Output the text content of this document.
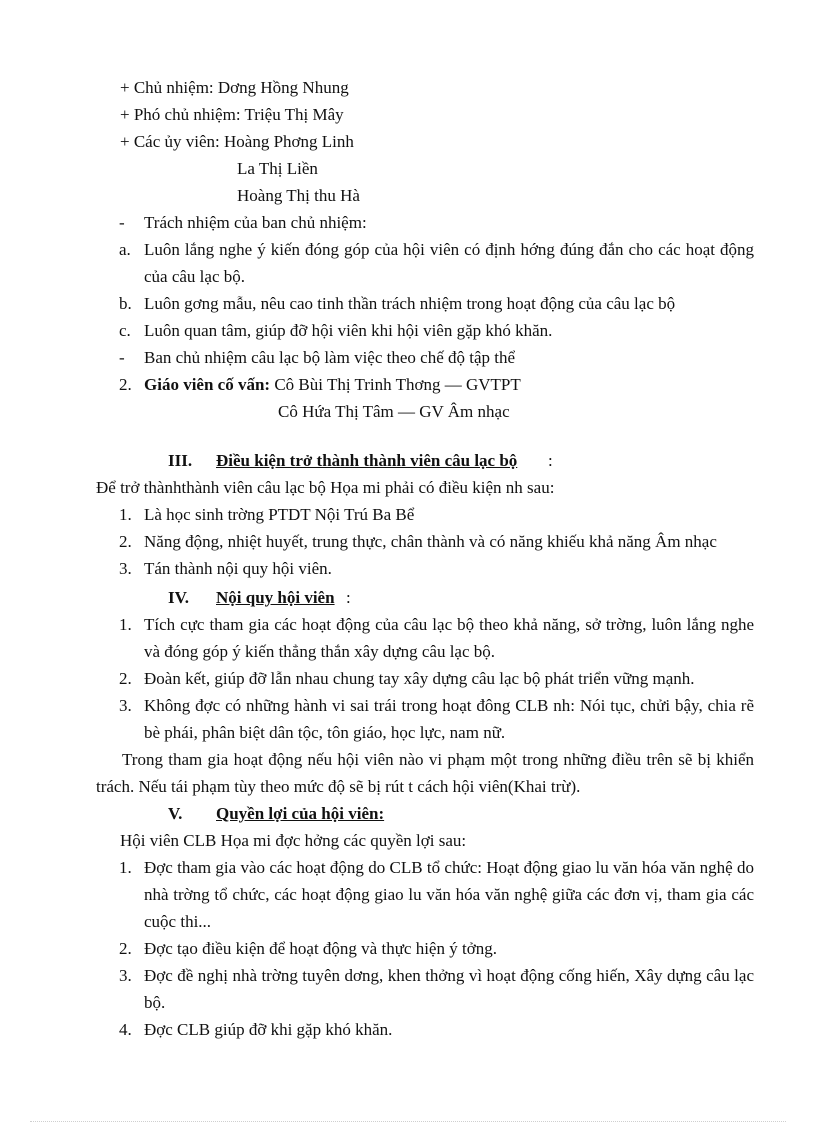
+ Chủ nhiệm: Dơng Hồng Nhung
+ Phó chủ nhiệm: Triệu Thị Mây
+ Các ủy viên: Hoàng Phơng Linh
La Thị Liền
Hoàng Thị thu Hà
- Trách nhiệm của ban chủ nhiệm:
a. Luôn lắng nghe ý kiến đóng góp của hội viên có định hớng đúng đắn cho các hoạt động của câu lạc bộ.
b. Luôn gơng mẫu, nêu cao tinh thần trách nhiệm trong hoạt động của câu lạc bộ
c. Luôn quan tâm, giúp đỡ hội viên khi hội viên gặp khó khăn.
- Ban chủ nhiệm câu lạc bộ làm việc theo chế độ tập thể
2. Giáo viên cố vấn: Cô Bùi Thị Trinh Thơng — GVTPT
Cô Hứa Thị Tâm — GV Âm nhạc
III. Điều kiện trở thành thành viên câu lạc bộ :
Để trở thànhthành viên câu lạc bộ Họa mi phải có điều kiện nh sau:
1. Là học sinh trờng PTDT Nội Trú Ba Bể
2. Năng động, nhiệt huyết, trung thực, chân thành và có năng khiếu khả năng Âm nhạc
3. Tán thành nội quy hội viên.
IV. Nội quy hội viên :
1. Tích cực tham gia các hoạt động của câu lạc bộ theo khả năng, sở trờng, luôn lắng nghe và đóng góp ý kiến thẳng thắn xây dựng câu lạc bộ.
2. Đoàn kết, giúp đỡ lẫn nhau chung tay xây dựng câu lạc bộ phát triển vững mạnh.
3. Không đợc có những hành vi sai trái trong hoạt đông CLB nh: Nói tục, chửi bậy, chia rẽ bè phái, phân biệt dân tộc, tôn giáo, học lực, nam nữ.
Trong tham gia hoạt động nếu hội viên nào vi phạm một trong những điều trên sẽ bị khiển trách. Nếu tái phạm tùy theo mức độ sẽ bị rút t cách hội viên(Khai trừ).
V. Quyền lợi của hội viên:
Hội viên CLB Họa mi đợc hởng các quyền lợi sau:
1. Đợc tham gia vào các hoạt động do CLB tổ chức: Hoạt động giao lu văn hóa văn nghệ do nhà trờng tổ chức, các hoạt động giao lu văn hóa văn nghệ giữa các đơn vị, tham gia các cuộc thi...
2. Đợc tạo điều kiện để hoạt động và thực hiện ý tởng.
3. Đợc đề nghị nhà trờng tuyên dơng, khen thởng vì hoạt động cống hiến, Xây dựng câu lạc bộ.
4. Đợc CLB giúp đỡ khi gặp khó khăn.
